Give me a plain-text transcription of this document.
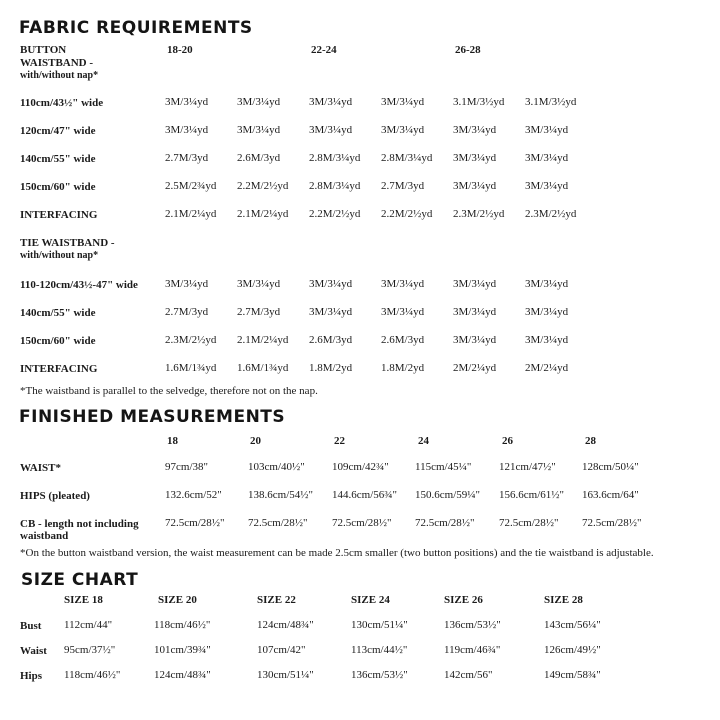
FABRIC REQUIREMENTS
BUTTON
WAISTBAND -
with/without nap*
18-20	22-24	26-28
110cm/43½" wide	3M/3¼yd	3M/3¼yd	3M/3¼yd	3M/3¼yd	3.1M/3½yd 3.1M/3½yd
120cm/47" wide	3M/3¼yd	3M/3¼yd	3M/3¼yd	3M/3¼yd	3M/3¼yd	3M/3¼yd
140cm/55" wide	2.7M/3yd	2.6M/3yd	2.8M/3¼yd 2.8M/3¼yd 3M/3¼yd	3M/3¼yd
150cm/60" wide	2.5M/2¾yd 2.2M/2½yd 2.8M/3¼yd 2.7M/3yd	3M/3¼yd	3M/3¼yd
INTERFACING	2.1M/2¼yd 2.1M/2¼yd 2.2M/2½yd 2.2M/2½yd 2.3M/2½yd 2.3M/2½yd
TIE WAISTBAND -
with/without nap*
110-120cm/43½-47" wide 3M/3¼yd	3M/3¼yd	3M/3¼yd	3M/3¼yd	3M/3¼yd	3M/3¼yd
140cm/55" wide	2.7M/3yd	2.7M/3yd	3M/3¼yd	3M/3¼yd	3M/3¼yd	3M/3¼yd
150cm/60" wide	2.3M/2½yd 2.1M/2¼yd 2.6M/3yd	2.6M/3yd	3M/3¼yd	3M/3¼yd
INTERFACING	1.6M/1¾yd 1.6M/1¾yd 1.8M/2yd	1.8M/2yd	2M/2¼yd	2M/2¼yd
*The waistband is parallel to the selvedge, therefore not on the nap.
FINISHED MEASUREMENTS
18	20	22	24	26	28
WAIST*	97cm/38"	103cm/40½" 109cm/42¾" 115cm/45¼"	121cm/47½" 128cm/50¼"
HIPS (pleated)	132.6cm/52" 138.6cm/54½" 144.6cm/56¾" 150.6cm/59¼" 156.6cm/61½" 163.6cm/64"
CB - length not including 72.5cm/28½" 72.5cm/28½" 72.5cm/28½" 72.5cm/28½" 72.5cm/28½" 72.5cm/28½"
waistband
*On the button waistband version, the waist measurement can be made 2.5cm smaller (two button positions) and the tie waistband is adjustable.
SIZE CHART
SIZE 18	SIZE 20	SIZE 22	SIZE 24	SIZE 26	SIZE 28
Bust 112cm/44"	118cm/46½"	124cm/48¾"	130cm/51¼"	136cm/53½"	143cm/56¼"
Waist 95cm/37½"	101cm/39¾"	107cm/42"	113cm/44½"	119cm/46¾"	126cm/49½"
Hips 118cm/46½"	124cm/48¾"	130cm/51¼"	136cm/53½"	142cm/56"	149cm/58¾"
